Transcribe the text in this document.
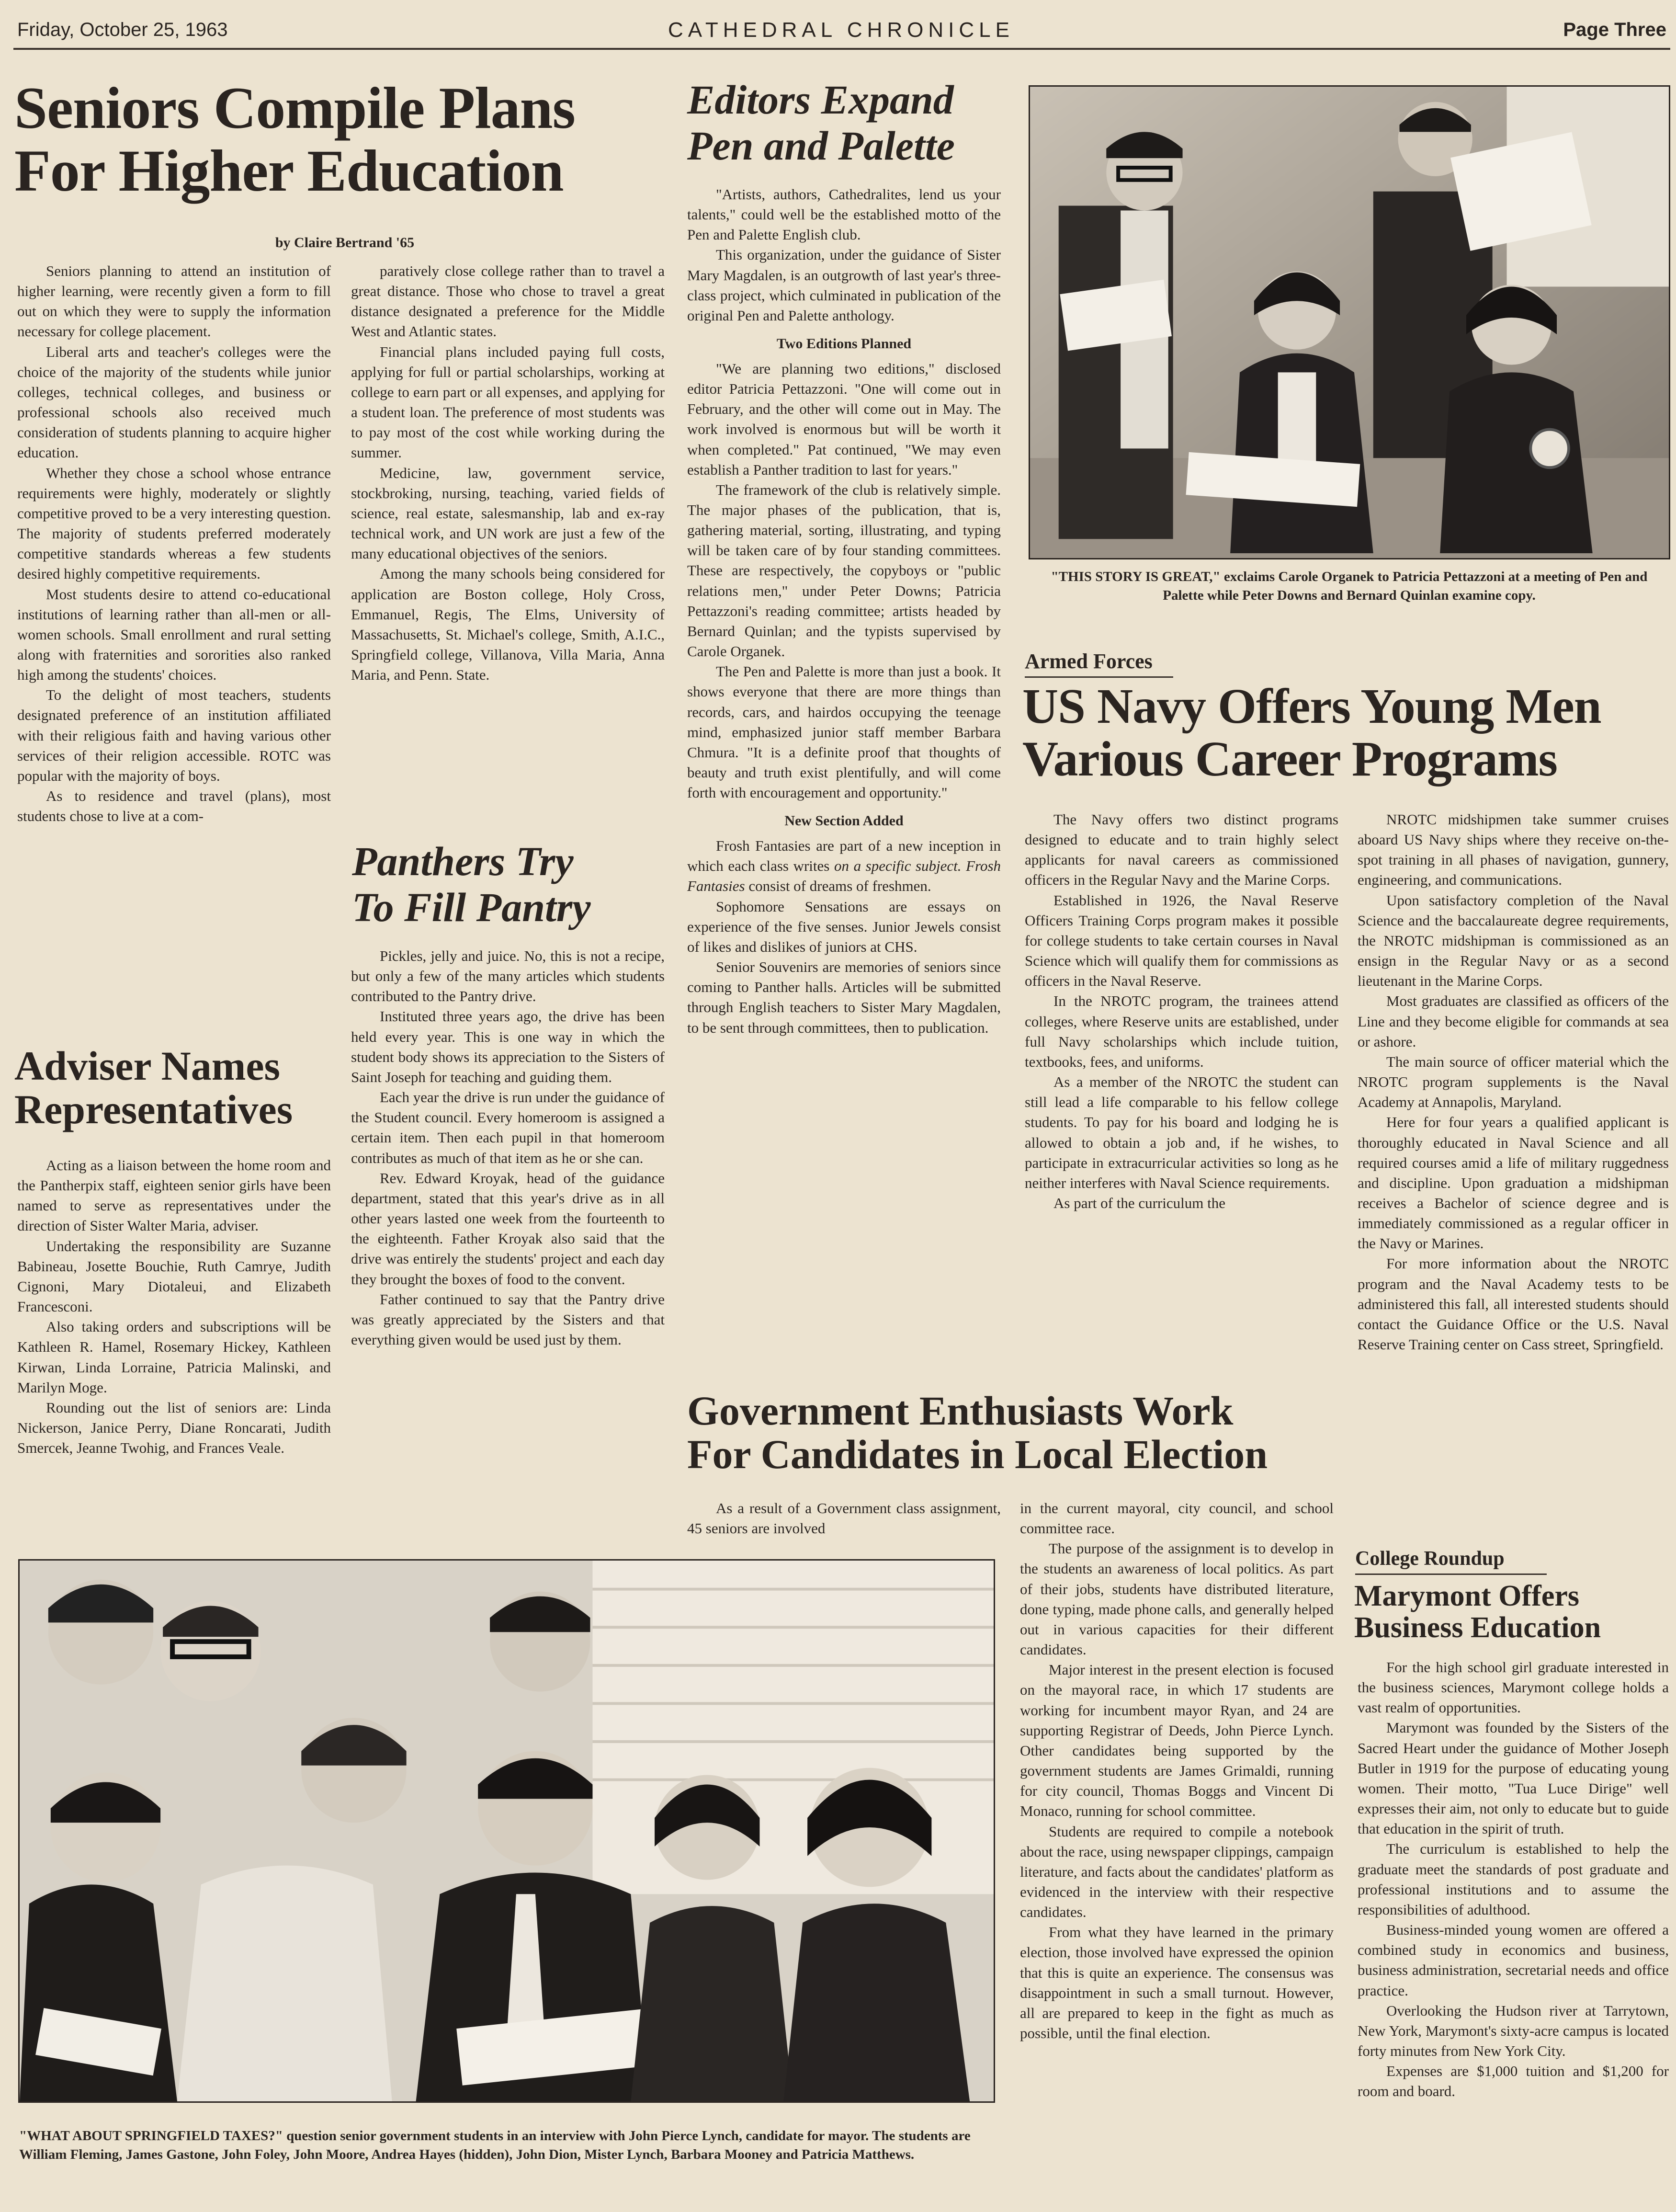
Friday, October 25, 1963	CATHEDRAL CHRONICLE	Page Three
Seniors Compile Plans
For Higher Education
by Claire Bertrand '65

Seniors planning to attend an institution of higher learning, were recently given a form to fill out on which they were to supply the information necessary for college placement.

Liberal arts and teacher's colleges were the choice of the majority of the students while junior colleges, technical colleges, and business or professional schools also received much consideration of students planning to acquire higher education.

Whether they chose a school whose entrance requirements were highly, moderately or slightly competitive proved to be a very interesting question. The majority of students preferred moderately competitive standards whereas a few students desired highly competitive requirements.

Most students desire to attend co-educational institutions of learning rather than all-men or all-women schools. Small enrollment and rural setting along with fraternities and sororities also ranked high among the students' choices.

To the delight of most teachers, students designated preference of an institution affiliated with their religious faith and having various other services of their religion accessible. ROTC was popular with the majority of boys.

As to residence and travel (plans), most students chose to live at a com-

paratively close college rather than to travel a great distance. Those who chose to travel a great distance designated a preference for the Middle West and Atlantic states.

Financial plans included paying full costs, applying for full or partial scholarships, working at college to earn part or all expenses, and applying for a student loan. The preference of most students was to pay most of the cost while working during the summer.

Medicine, law, government service, stockbroking, nursing, teaching, varied fields of science, real estate, salesmanship, lab and ex-ray technical work, and UN work are just a few of the many educational objectives of the seniors.

Among the many schools being considered for application are Boston college, Holy Cross, Emmanuel, Regis, The Elms, University of Massachusetts, St. Michael's college, Smith, A.I.C., Springfield college, Villanova, Villa Maria, Anna Maria, and Penn. State.

Adviser Names
Representatives

Acting as a liaison between the home room and the Pantherpix staff, eighteen senior girls have been named to serve as representatives under the direction of Sister Walter Maria, adviser.

Undertaking the responsibility are Suzanne Babineau, Josette Bouchie, Ruth Camrye, Judith Cignoni, Mary Diotaleui, and Elizabeth Francesconi.

Also taking orders and subscriptions will be Kathleen R. Hamel, Rosemary Hickey, Kathleen Kirwan, Linda Lorraine, Patricia Malinski, and Marilyn Moge.

Rounding out the list of seniors are: Linda Nickerson, Janice Perry, Diane Roncarati, Judith Smercek, Jeanne Twohig, and Frances Veale.

Panthers Try
To Fill Pantry

Pickles, jelly and juice. No, this is not a recipe, but only a few of the many articles which students contributed to the Pantry drive.

Instituted three years ago, the drive has been held every year. This is one way in which the student body shows its appreciation to the Sisters of Saint Joseph for teaching and guiding them.

Each year the drive is run under the guidance of the Student council. Every homeroom is assigned a certain item. Then each pupil in that homeroom contributes as much of that item as he or she can.

Rev. Edward Kroyak, head of the guidance department, stated that this year's drive as in all other years lasted one week from the fourteenth to the eighteenth. Father Kroyak also said that the drive was entirely the students' project and each day they brought the boxes of food to the convent.

Father continued to say that the Pantry drive was greatly appreciated by the Sisters and that everything given would be used just by them.

Editors Expand
Pen and Palette

"Artists, authors, Cathedralites, lend us your talents," could well be the established motto of the Pen and Palette English club.

This organization, under the guidance of Sister Mary Magdalen, is an outgrowth of last year's three-class project, which culminated in publication of the original Pen and Palette anthology.

Two Editions Planned

"We are planning two editions," disclosed editor Patricia Pettazzoni. "One will come out in February, and the other will come out in May. The work involved is enormous but will be worth it when completed." Pat continued, "We may even establish a Panther tradition to last for years."

The framework of the club is relatively simple. The major phases of the publication, that is, gathering material, sorting, illustrating, and typing will be taken care of by four standing committees. These are respectively, the copyboys or "public relations men," under Peter Downs; Patricia Pettazzoni's reading committee; artists headed by Bernard Quinlan; and the typists supervised by Carole Organek.

The Pen and Palette is more than just a book. It shows everyone that there are more things than records, cars, and hairdos occupying the teenage mind, emphasized junior staff member Barbara Chmura. "It is a definite proof that thoughts of beauty and truth exist plentifully, and will come forth with encouragement and opportunity."

New Section Added

Frosh Fantasies are part of a new inception in which each class writes on a specific subject. Frosh Fantasies consist of dreams of freshmen.

Sophomore Sensations are essays on experience of the five senses. Junior Jewels consist of likes and dislikes of juniors at CHS.

Senior Souvenirs are memories of seniors since coming to Panther halls. Articles will be submitted through English teachers to Sister Mary Magdalen, to be sent through committees, then to publication.

"THIS STORY IS GREAT," exclaims Carole Organek to Patricia Pettazzoni at a meeting of Pen and Palette while Peter Downs and Bernard Quinlan examine copy.
Armed Forces
US Navy Offers Young Men
Various Career Programs

The Navy offers two distinct programs designed to educate and to train highly select applicants for naval careers as commissioned officers in the Regular Navy and the Marine Corps.

Established in 1926, the Naval Reserve Officers Training Corps program makes it possible for college students to take certain courses in Naval Science which will qualify them for commissions as officers in the Naval Reserve.

In the NROTC program, the trainees attend colleges, where Reserve units are established, under full Navy scholarships which include tuition, textbooks, fees, and uniforms.

As a member of the NROTC the student can still lead a life comparable to his fellow college students. To pay for his board and lodging he is allowed to obtain a job and, if he wishes, to participate in extracurricular activities so long as he neither interferes with Naval Science requirements.

As part of the curriculum the

NROTC midshipmen take summer cruises aboard US Navy ships where they receive on-the-spot training in all phases of navigation, gunnery, engineering, and communications.

Upon satisfactory completion of the Naval Science and the baccalaureate degree requirements, the NROTC midshipman is commissioned as an ensign in the Regular Navy or as a second lieutenant in the Marine Corps.

Most graduates are classified as officers of the Line and they become eligible for commands at sea or ashore.

The main source of officer material which the NROTC program supplements is the Naval Academy at Annapolis, Maryland.

Here for four years a qualified applicant is thoroughly educated in Naval Science and all required courses amid a life of military ruggedness and discipline. Upon graduation a midshipman receives a Bachelor of science degree and is immediately commissioned as a regular officer in the Navy or Marines.

For more information about the NROTC program and the Naval Academy tests to be administered this fall, all interested students should contact the Guidance Office or the U.S. Naval Reserve Training center on Cass street, Springfield.

Government Enthusiasts Work
For Candidates in Local Election

As a result of a Government class assignment, 45 seniors are involved

in the current mayoral, city council, and school committee race.

The purpose of the assignment is to develop in the students an awareness of local politics. As part of their jobs, students have distributed literature, done typing, made phone calls, and generally helped out in various capacities for their different candidates.

Major interest in the present election is focused on the mayoral race, in which 17 students are working for incumbent mayor Ryan, and 24 are supporting Registrar of Deeds, John Pierce Lynch. Other candidates being supported by the government students are James Grimaldi, running for city council, Thomas Boggs and Vincent Di Monaco, running for school committee.

Students are required to compile a notebook about the race, using newspaper clippings, campaign literature, and facts about the candidates' platform as evidenced in the interview with their respective candidates.

From what they have learned in the primary election, those involved have expressed the opinion that this is quite an experience. The consensus was disappointment in such a small turnout. However, all are prepared to keep in the fight as much as possible, until the final election.

"WHAT ABOUT SPRINGFIELD TAXES?" question senior government students in an interview with John Pierce Lynch, candidate for mayor. The students are William Fleming, James Gastone, John Foley, John Moore, Andrea Hayes (hidden), John Dion, Mister Lynch, Barbara Mooney and Patricia Matthews.
College Roundup
Marymont Offers
Business Education

For the high school girl graduate interested in the business sciences, Marymont college holds a vast realm of opportunities.

Marymont was founded by the Sisters of the Sacred Heart under the guidance of Mother Joseph Butler in 1919 for the purpose of educating young women. Their motto, "Tua Luce Dirige" well expresses their aim, not only to educate but to guide that education in the spirit of truth.

The curriculum is established to help the graduate meet the standards of post graduate and professional institutions and to assume the responsibilities of adulthood.

Business-minded young women are offered a combined study in economics and business, business administration, secretarial needs and office practice.

Overlooking the Hudson river at Tarrytown, New York, Marymont's sixty-acre campus is located forty minutes from New York City.

Expenses are $1,000 tuition and $1,200 for room and board.
